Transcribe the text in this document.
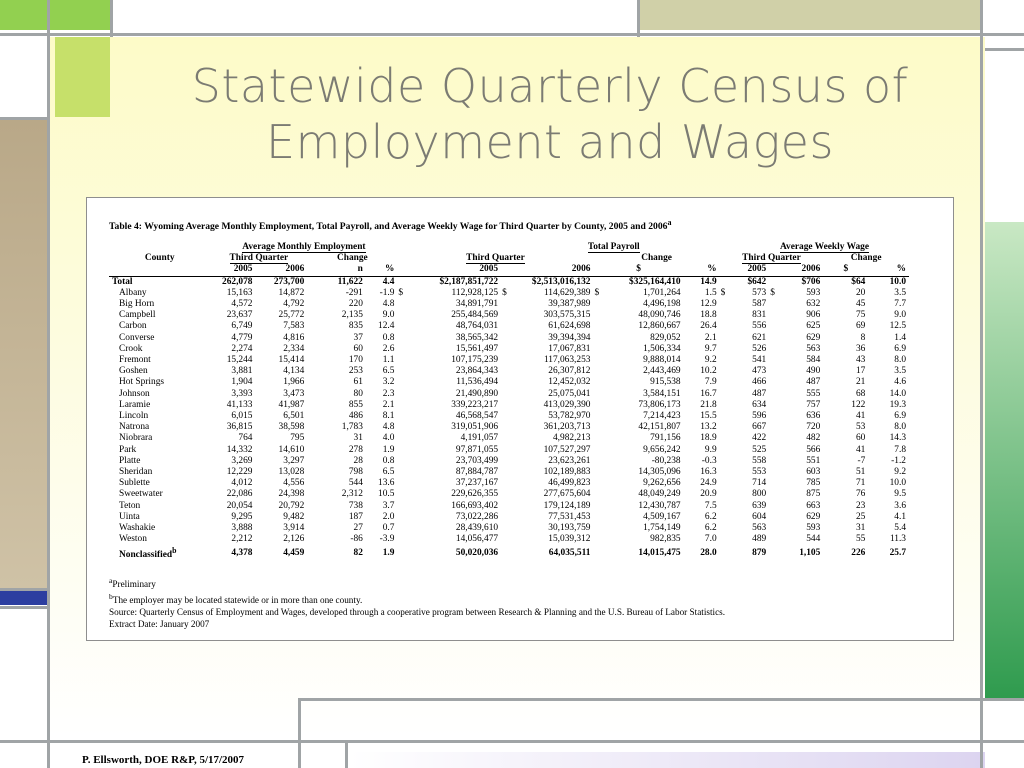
Statewide Quarterly Census of
Employment and Wages
Table 4: Wyoming Average Monthly Employment, Total Payroll, and Average Weekly Wage for Third Quarter by County, 2005 and 2006$^a$
	Average Monthly Employment				Total Payroll							Average Weekly Wage					
County	Third Quarter		Change		Third Quarter				Change			Third Quarter				Change	
	2005	2006	n	%	2005		2006		$		%	2005		2006		$	%
Total	262,078	273,700	11,622	4.4	$2,187,851,722		$2,513,016,132		$325,164,410		14.9	$642		$706		$64	10.0
Albany	15,163	14,872	-291	-1.9	$	112,928,125	$	114,629,389	$	1,701,264	1.5	$	573	$	593	20	3.5
Big Horn	4,572	4,792	220	4.8		34,891,791		39,387,989		4,496,198	12.9		587		632	45	7.7
Campbell	23,637	25,772	2,135	9.0		255,484,569		303,575,315		48,090,746	18.8		831		906	75	9.0
Carbon	6,749	7,583	835	12.4		48,764,031		61,624,698		12,860,667	26.4		556		625	69	12.5
Converse	4,779	4,816	37	0.8		38,565,342		39,394,394		829,052	2.1		621		629	8	1.4
Crook	2,274	2,334	60	2.6		15,561,497		17,067,831		1,506,334	9.7		526		563	36	6.9
Fremont	15,244	15,414	170	1.1		107,175,239		117,063,253		9,888,014	9.2		541		584	43	8.0
Goshen	3,881	4,134	253	6.5		23,864,343		26,307,812		2,443,469	10.2		473		490	17	3.5
Hot Springs	1,904	1,966	61	3.2		11,536,494		12,452,032		915,538	7.9		466		487	21	4.6
Johnson	3,393	3,473	80	2.3		21,490,890		25,075,041		3,584,151	16.7		487		555	68	14.0
Laramie	41,133	41,987	855	2.1		339,223,217		413,029,390		73,806,173	21.8		634		757	122	19.3
Lincoln	6,015	6,501	486	8.1		46,568,547		53,782,970		7,214,423	15.5		596		636	41	6.9
Natrona	36,815	38,598	1,783	4.8		319,051,906		361,203,713		42,151,807	13.2		667		720	53	8.0
Niobrara	764	795	31	4.0		4,191,057		4,982,213		791,156	18.9		422		482	60	14.3
Park	14,332	14,610	278	1.9		97,871,055		107,527,297		9,656,242	9.9		525		566	41	7.8
Platte	3,269	3,297	28	0.8		23,703,499		23,623,261		-80,238	-0.3		558		551	-7	-1.2
Sheridan	12,229	13,028	798	6.5		87,884,787		102,189,883		14,305,096	16.3		553		603	51	9.2
Sublette	4,012	4,556	544	13.6		37,237,167		46,499,823		9,262,656	24.9		714		785	71	10.0
Sweetwater	22,086	24,398	2,312	10.5		229,626,355		277,675,604		48,049,249	20.9		800		875	76	9.5
Teton	20,054	20,792	738	3.7		166,693,402		179,124,189		12,430,787	7.5		639		663	23	3.6
Uinta	9,295	9,482	187	2.0		73,022,286		77,531,453		4,509,167	6.2		604		629	25	4.1
Washakie	3,888	3,914	27	0.7		28,439,610		30,193,759		1,754,149	6.2		563		593	31	5.4
Weston	2,212	2,126	-86	-3.9		14,056,477		15,039,312		982,835	7.0		489		544	55	11.3
Nonclassified$^b$	4,378	4,459	82	1.9		50,020,036		64,035,511		14,015,475	28.0		879		1,105	226	25.7
$^a$Preliminary
$^b$The employer may be located statewide or in more than one county.
Source: Quarterly Census of Employment and Wages, developed through a cooperative program between Research & Planning and the U.S. Bureau of Labor Statistics.
Extract Date: January 2007
P. Ellsworth, DOE R&P, 5/17/2007
